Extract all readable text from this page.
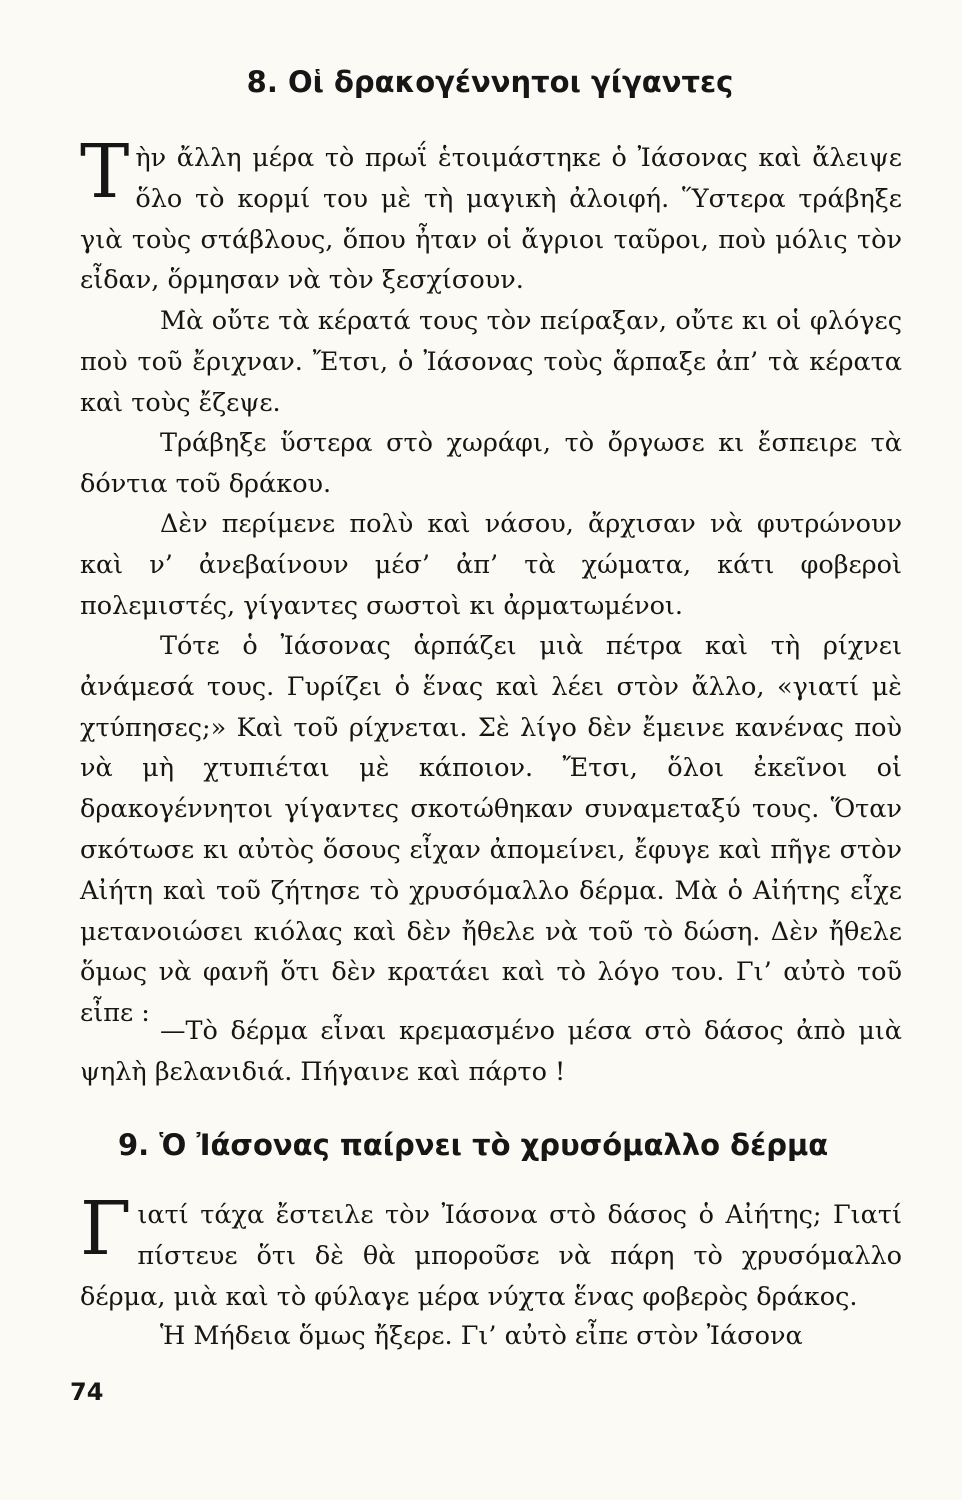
8. Οἱ δρακογέννητοι γίγαντες

Τὴν ἄλλη μέρα τὸ πρωΐ ἑτοιμάστηκε ὁ Ἰάσονας καὶ ἄλειψε ὅλο τὸ κορμί του μὲ τὴ μαγικὴ ἀλοιφή. Ὕστερα τράβηξε γιὰ τοὺς στάβλους, ὅπου ἦταν οἱ ἄγριοι ταῦροι, ποὺ μόλις τὸν εἶδαν, ὅρμησαν νὰ τὸν ξεσχίσουν.

Μὰ οὔτε τὰ κέρατά τους τὸν πείραξαν, οὔτε κι οἱ φλόγες ποὺ τοῦ ἔριχναν. Ἔτσι, ὁ Ἰάσονας τοὺς ἅρπαξε ἀπ’ τὰ κέρατα καὶ τοὺς ἔζεψε.

Τράβηξε ὕστερα στὸ χωράφι, τὸ ὄργωσε κι ἔσπειρε τὰ δόντια τοῦ δράκου.

Δὲν περίμενε πολὺ καὶ νάσου, ἄρχισαν νὰ φυτρώνουν καὶ ν’ ἀνεβαίνουν μέσ’ ἀπ’ τὰ χώματα, κάτι φοβεροὶ πολεμιστές, γίγαντες σωστοὶ κι ἀρματωμένοι.

Τότε ὁ Ἰάσονας ἁρπάζει μιὰ πέτρα καὶ τὴ ρίχνει ἀνάμεσά τους. Γυρίζει ὁ ἕνας καὶ λέει στὸν ἄλλο, «γιατί μὲ χτύπησες;» Καὶ τοῦ ρίχνεται. Σὲ λίγο δὲν ἔμεινε κανένας ποὺ νὰ μὴ χτυπιέται μὲ κάποιον. Ἔτσι, ὅλοι ἐκεῖνοι οἱ δρακογέννητοι γίγαντες σκοτώθηκαν συναμεταξύ τους. Ὅταν σκότωσε κι αὐτὸς ὅσους εἶχαν ἀπομείνει, ἔφυγε καὶ πῆγε στὸν Αἰήτη καὶ τοῦ ζήτησε τὸ χρυσόμαλλο δέρμα. Μὰ ὁ Αἰήτης εἶχε μετανοιώσει κιόλας καὶ δὲν ἤθελε νὰ τοῦ τὸ δώση. Δὲν ἤθελε ὅμως νὰ φανῆ ὅτι δὲν κρατάει καὶ τὸ λόγο του. Γι’ αὐτὸ τοῦ εἶπε :

—Τὸ δέρμα εἶναι κρεμασμένο μέσα στὸ δάσος ἀπὸ μιὰ ψηλὴ βελανιδιά. Πήγαινε καὶ πάρτο !

9. Ὁ Ἰάσονας παίρνει τὸ χρυσόμαλλο δέρμα

Γιατί τάχα ἔστειλε τὸν Ἰάσονα στὸ δάσος ὁ Αἰήτης; Γιατί πίστευε ὅτι δὲ θὰ μποροῦσε νὰ πάρη τὸ χρυσόμαλλο δέρμα, μιὰ καὶ τὸ φύλαγε μέρα νύχτα ἕνας φοβερὸς δράκος.

Ἡ Μήδεια ὅμως ἤξερε. Γι’ αὐτὸ εἶπε στὸν Ἰάσονα

74
